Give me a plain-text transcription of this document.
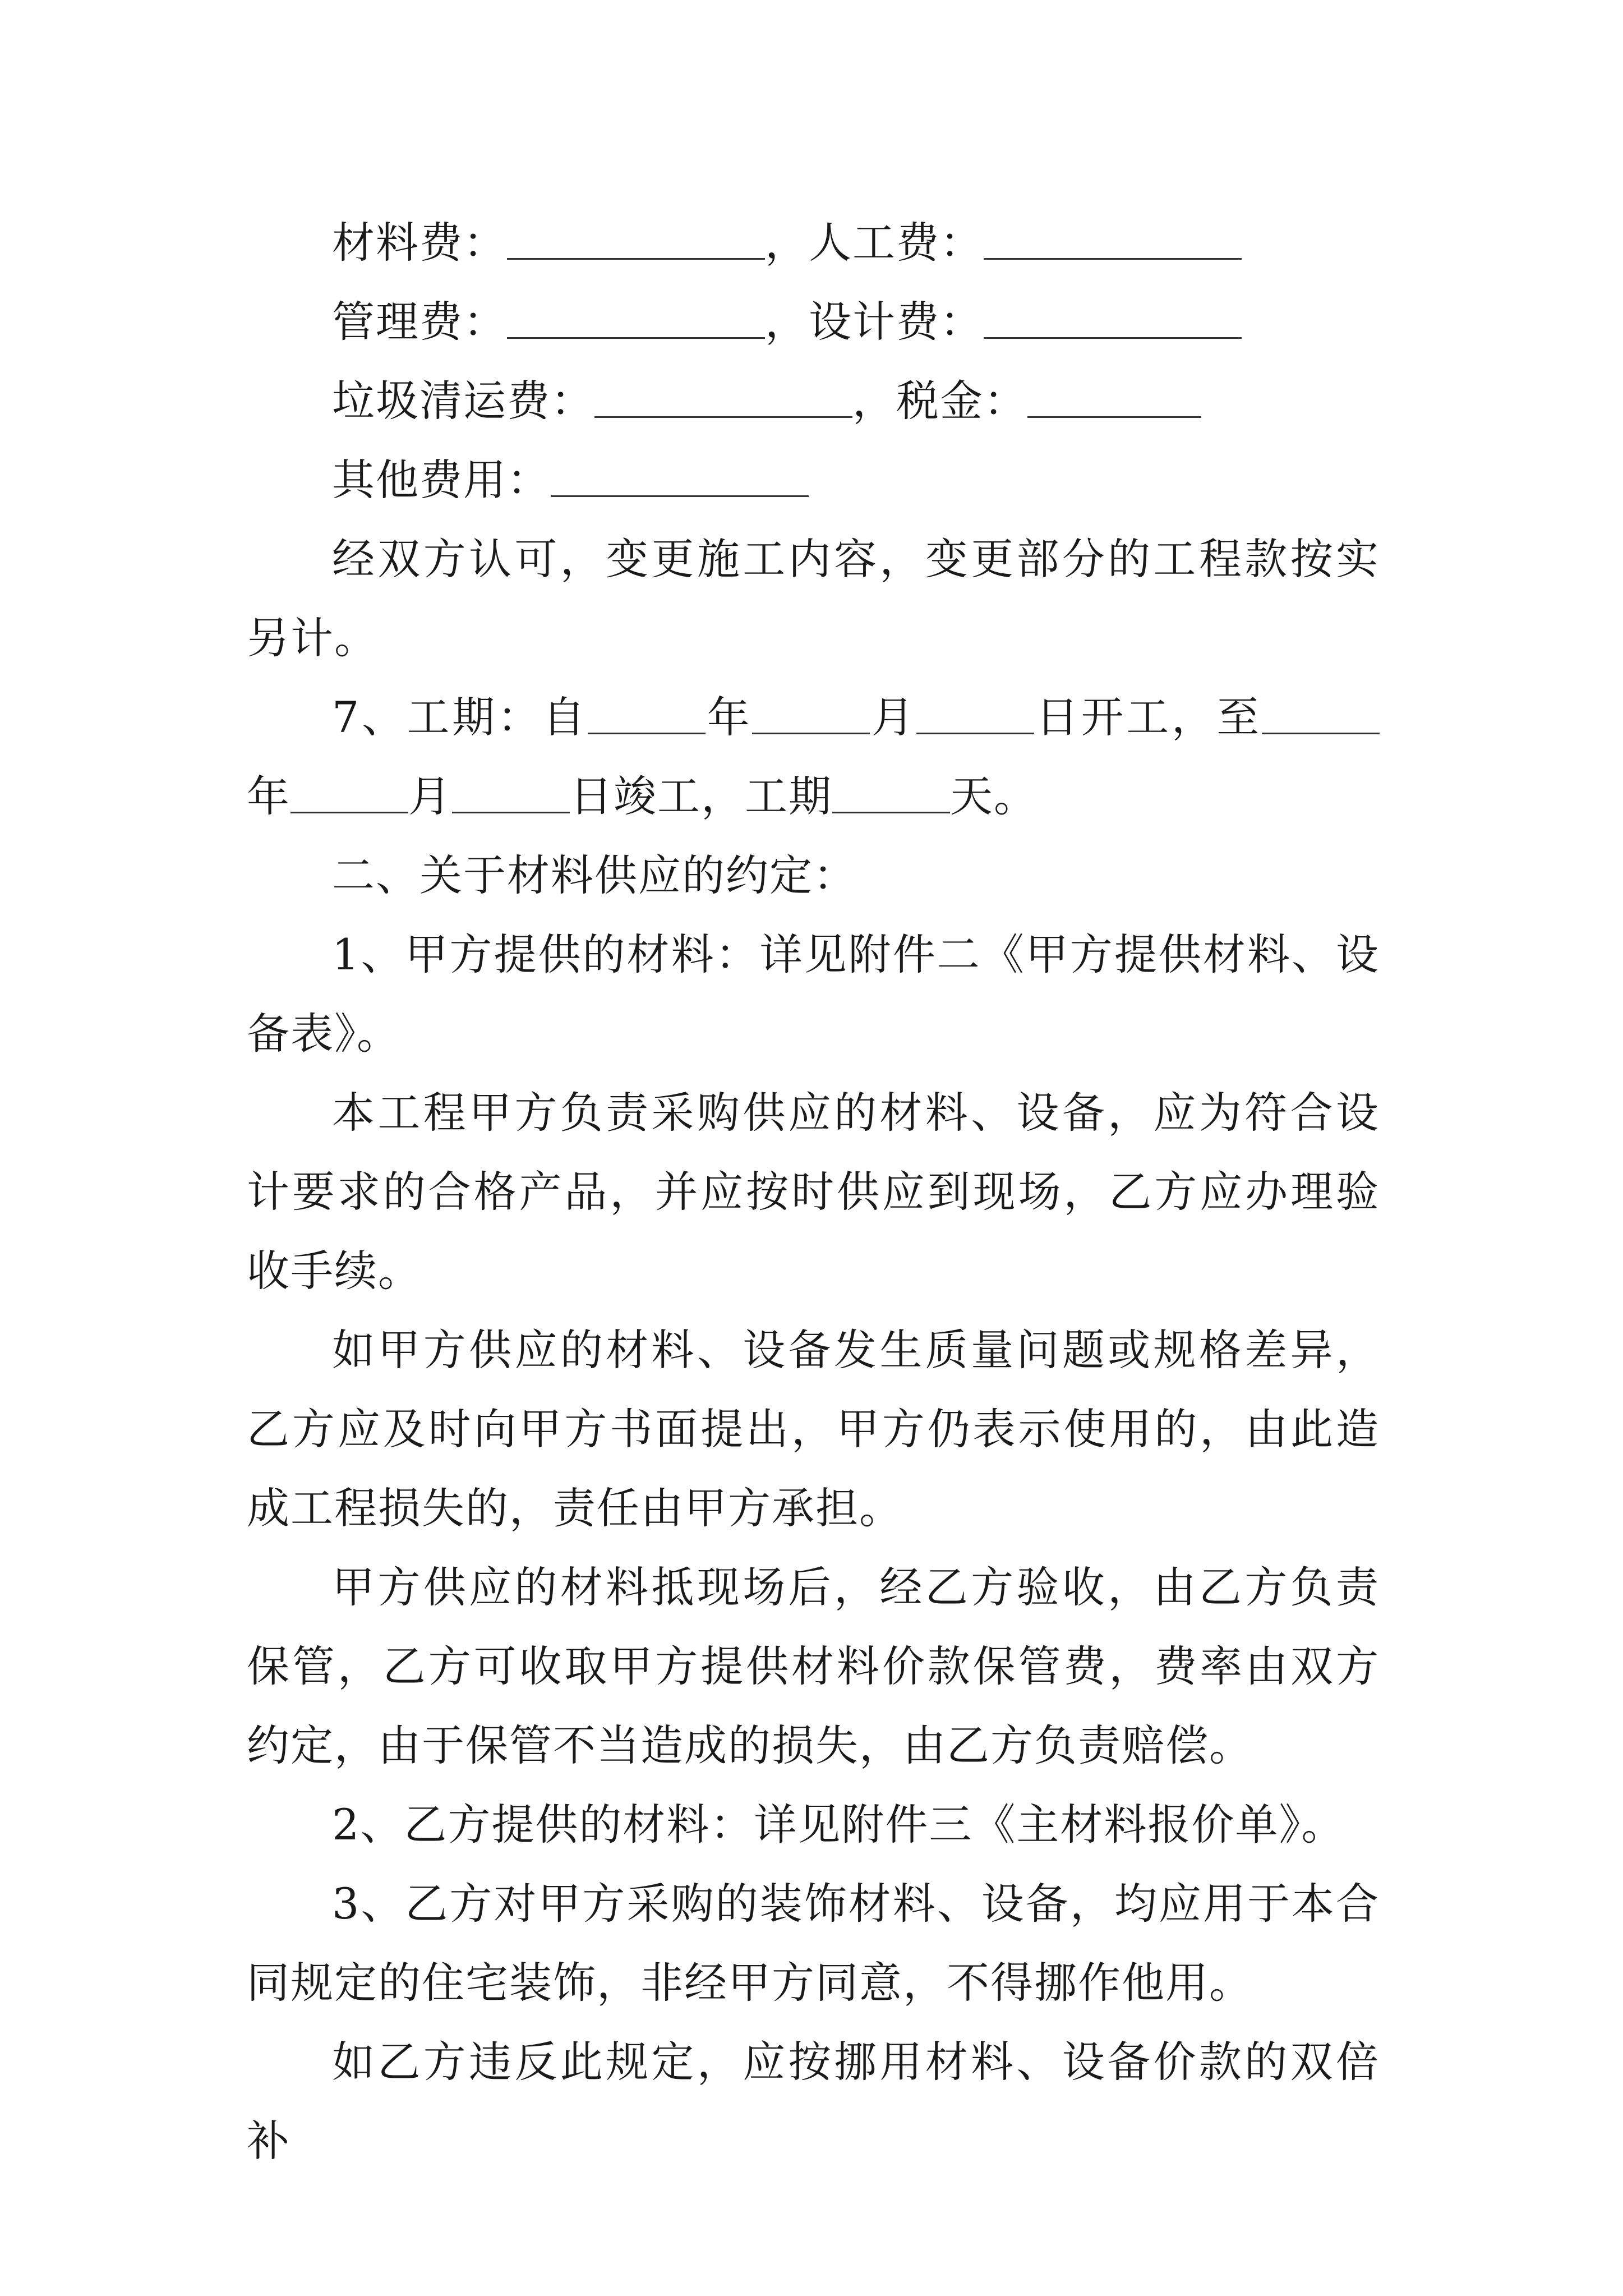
材料费：	，人工费：

管理费：	，设计费：

垃圾清运费：	，税金：

其他费用：

经双方认可，变更施工内容，变更部分的工程款按实另计。

7、工期：自	年	月	日开工，至年	月	日竣工，工期	天。

二、关于材料供应的约定：

1、甲方提供的材料：详见附件二《甲方提供材料、设备表》。

本工程甲方负责采购供应的材料、设备，应为符合设计要求的合格产品，并应按时供应到现场，乙方应办理验收手续。

如甲方供应的材料、设备发生质量问题或规格差异，乙方应及时向甲方书面提出，甲方仍表示使用的，由此造成工程损失的，责任由甲方承担。

甲方供应的材料抵现场后，经乙方验收，由乙方负责保管，乙方可收取甲方提供材料价款保管费，费率由双方约定，由于保管不当造成的损失，由乙方负责赔偿。

2、乙方提供的材料：详见附件三《主材料报价单》。

3、乙方对甲方采购的装饰材料、设备，均应用于本合同规定的住宅装饰，非经甲方同意，不得挪作他用。

如乙方违反此规定，应按挪用材料、设备价款的双倍补
